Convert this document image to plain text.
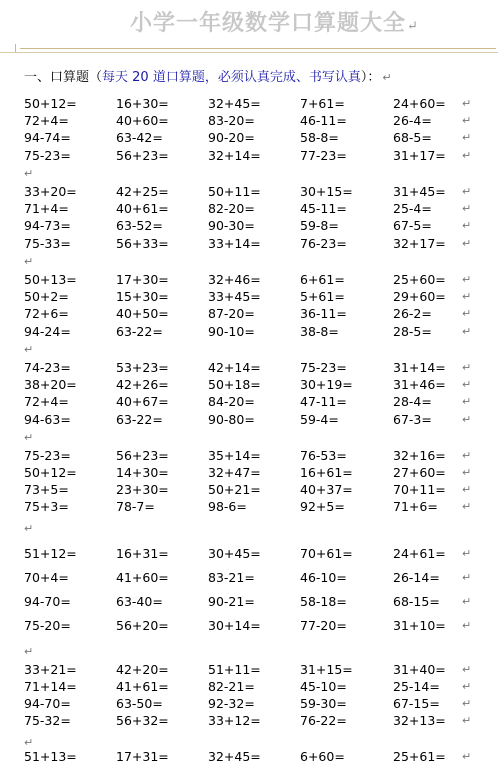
小学一年级数学口算题大全↵
一、口算题（每天 20 道口算题，必须认真完成、书写认真）： ↵
50+12=	16+30=	32+45=	7+61=	24+60= ↵
72+4=	40+60=	83-20=	46-11=	26-4=	↵
94-74=	63-42=	90-20=	58-8=	68-5=	↵
75-23=	56+23=	32+14=	77-23=	31+17= ↵
↵
33+20=	42+25=	50+11=	30+15=	31+45= ↵
71+4=	40+61=	82-20=	45-11=	25-4=	↵
94-73=	63-52=	90-30=	59-8=	67-5=	↵
75-33=	56+33=	33+14=	76-23=	32+17= ↵
↵
50+13=	17+30=	32+46=	6+61=	25+60= ↵
50+2=	15+30=	33+45=	5+61=	29+60= ↵
72+6=	40+50=	87-20=	36-11=	26-2=	↵
94-24=	63-22=	90-10=	38-8=	28-5=	↵
↵
74-23=	53+23=	42+14=	75-23=	31+14= ↵
38+20=	42+26=	50+18=	30+19=	31+46= ↵
72+4=	40+67=	84-20=	47-11=	28-4=	↵
94-63=	63-22=	90-80=	59-4=	67-3=	↵
↵
75-23=	56+23=	35+14=	76-53=	32+16= ↵
50+12=	14+30=	32+47=	16+61=	27+60= ↵
73+5=	23+30=	50+21=	40+37=	70+11= ↵
75+3=	78-7=	98-6=	92+5=	71+6= ↵
↵
51+12=	16+31=	30+45=	70+61=	24+61= ↵
70+4=	41+60=	83-21=	46-10=	26-14= ↵
94-70=	63-40=	90-21=	58-18=	68-15= ↵
75-20=	56+20=	30+14=	77-20=	31+10= ↵
↵
33+21=	42+20=	51+11=	31+15=	31+40= ↵
71+14=	41+61=	82-21=	45-10=	25-14= ↵
94-70=	63-50=	92-32=	59-30=	67-15= ↵
75-32=	56+32=	33+12=	76-22=	32+13= ↵
↵
51+13=	17+31=	32+45=	6+60=	25+61= ↵
